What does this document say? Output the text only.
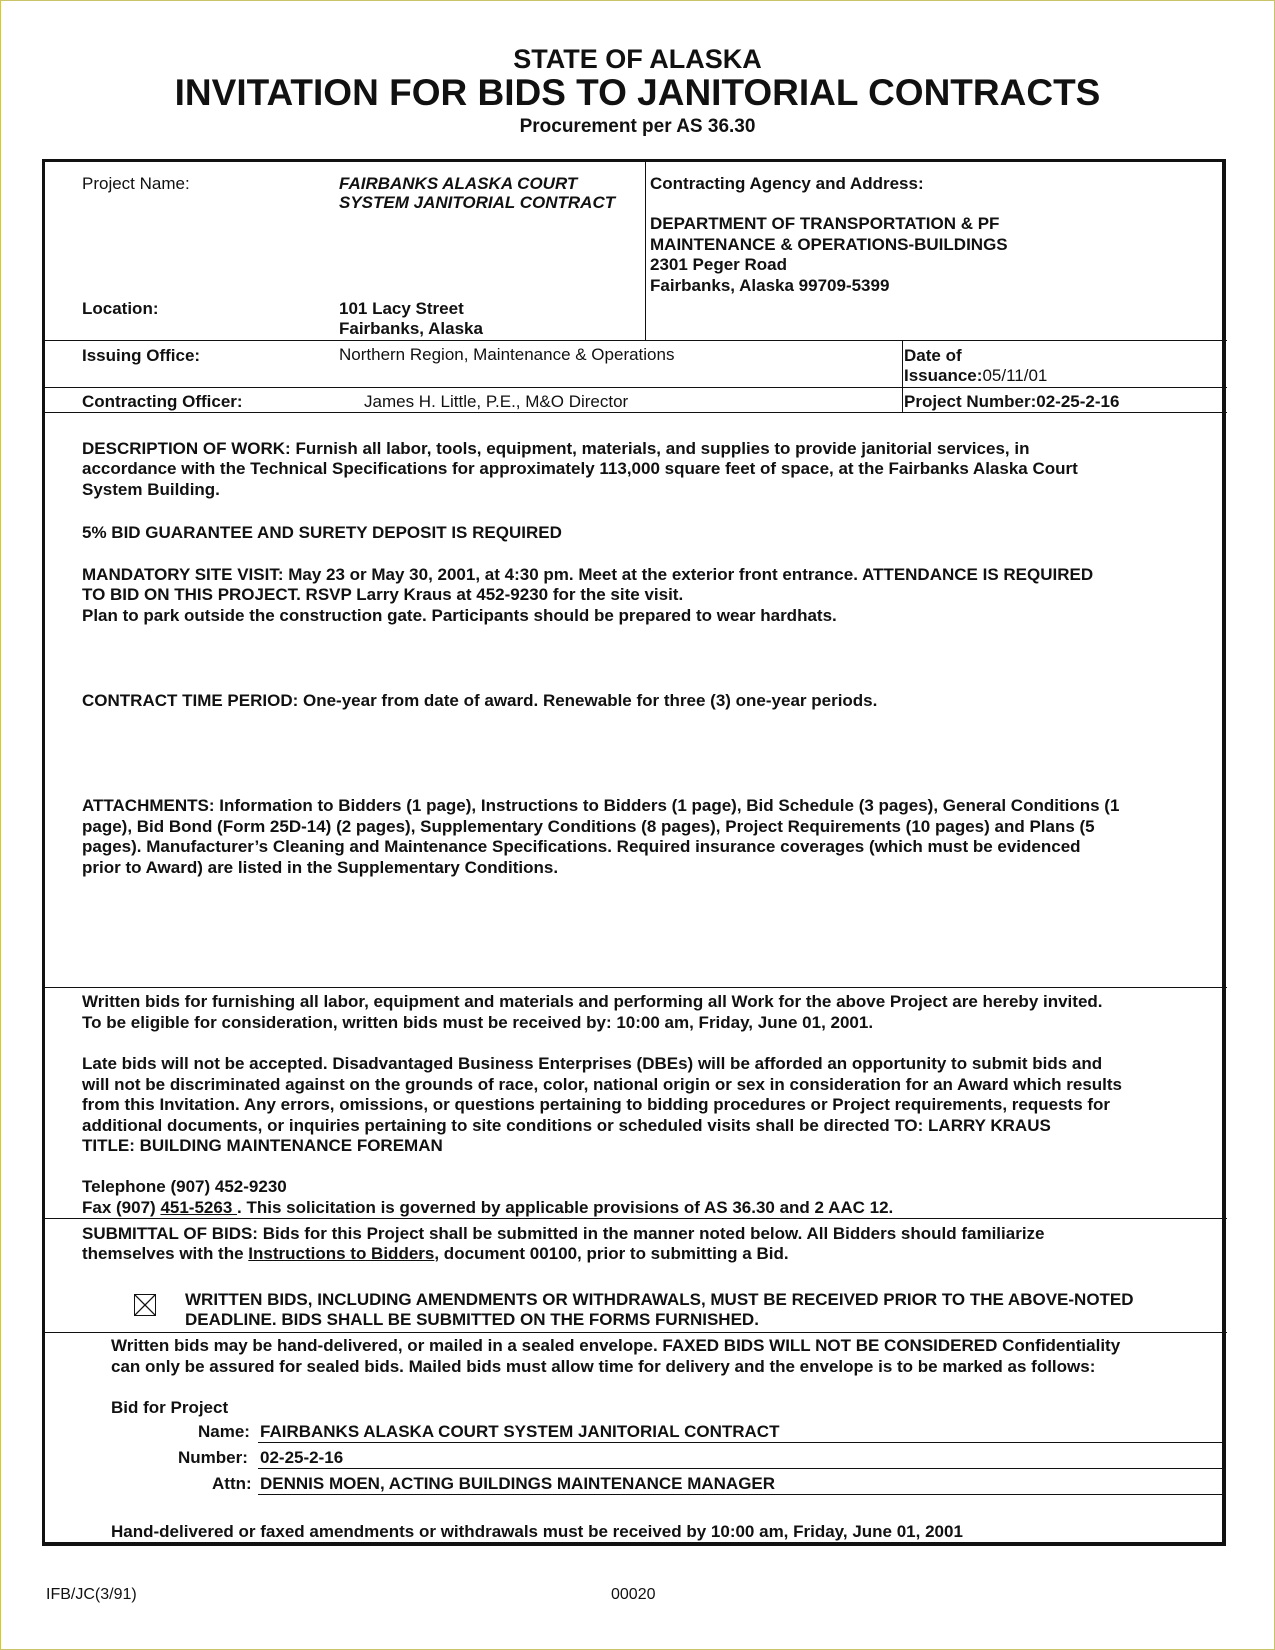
STATE OF ALASKA
INVITATION FOR BIDS TO JANITORIAL CONTRACTS
Procurement per AS 36.30
Project Name:	FAIRBANKS ALASKA COURT
SYSTEM JANITORIAL CONTRACT
Location:	101 Lacy Street
Fairbanks, Alaska
Contracting Agency and Address:
DEPARTMENT OF TRANSPORTATION & PF
MAINTENANCE & OPERATIONS-BUILDINGS
2301 Peger Road
Fairbanks, Alaska 99709-5399
Issuing Office:	Northern Region, Maintenance & Operations	Date of
Issuance:05/11/01
Contracting Officer:	James H. Little, P.E., M&O Director	Project Number:02-25-2-16
DESCRIPTION OF WORK: Furnish all labor, tools, equipment, materials, and supplies to provide janitorial services, in
accordance with the Technical Specifications for approximately 113,000 square feet of space, at the Fairbanks Alaska Court
System Building.
5% BID GUARANTEE AND SURETY DEPOSIT IS REQUIRED
MANDATORY SITE VISIT: May 23 or May 30, 2001, at 4:30 pm. Meet at the exterior front entrance. ATTENDANCE IS REQUIRED
TO BID ON THIS PROJECT. RSVP Larry Kraus at 452-9230 for the site visit.
Plan to park outside the construction gate. Participants should be prepared to wear hardhats.
CONTRACT TIME PERIOD: One-year from date of award. Renewable for three (3) one-year periods.
ATTACHMENTS: Information to Bidders (1 page), Instructions to Bidders (1 page), Bid Schedule (3 pages), General Conditions (1
page), Bid Bond (Form 25D-14) (2 pages), Supplementary Conditions (8 pages), Project Requirements (10 pages) and Plans (5
pages). Manufacturer’s Cleaning and Maintenance Specifications. Required insurance coverages (which must be evidenced
prior to Award) are listed in the Supplementary Conditions.
Written bids for furnishing all labor, equipment and materials and performing all Work for the above Project are hereby invited.
To be eligible for consideration, written bids must be received by: 10:00 am, Friday, June 01, 2001.
Late bids will not be accepted. Disadvantaged Business Enterprises (DBEs) will be afforded an opportunity to submit bids and
will not be discriminated against on the grounds of race, color, national origin or sex in consideration for an Award which results
from this Invitation. Any errors, omissions, or questions pertaining to bidding procedures or Project requirements, requests for
additional documents, or inquiries pertaining to site conditions or scheduled visits shall be directed TO: LARRY KRAUS
TITLE: BUILDING MAINTENANCE FOREMAN
Telephone (907) 452-9230
Fax (907) 451-5263 . This solicitation is governed by applicable provisions of AS 36.30 and 2 AAC 12.
SUBMITTAL OF BIDS: Bids for this Project shall be submitted in the manner noted below. All Bidders should familiarize
themselves with the Instructions to Bidders, document 00100, prior to submitting a Bid.
WRITTEN BIDS, INCLUDING AMENDMENTS OR WITHDRAWALS, MUST BE RECEIVED PRIOR TO THE ABOVE-NOTED
DEADLINE. BIDS SHALL BE SUBMITTED ON THE FORMS FURNISHED.
Written bids may be hand-delivered, or mailed in a sealed envelope. FAXED BIDS WILL NOT BE CONSIDERED Confidentiality
can only be assured for sealed bids. Mailed bids must allow time for delivery and the envelope is to be marked as follows:
Bid for Project
Name: FAIRBANKS ALASKA COURT SYSTEM JANITORIAL CONTRACT
Number: 02-25-2-16
Attn: DENNIS MOEN, ACTING BUILDINGS MAINTENANCE MANAGER
Hand-delivered or faxed amendments or withdrawals must be received by 10:00 am, Friday, June 01, 2001
IFB/JC(3/91)	00020
